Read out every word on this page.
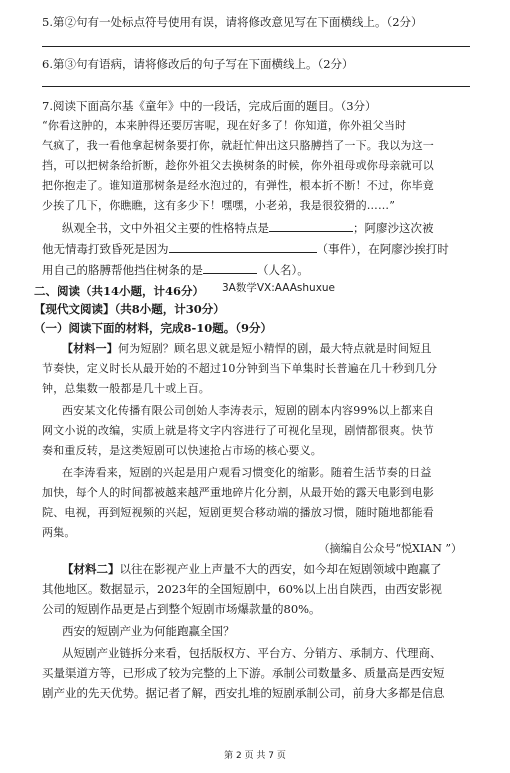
5.第②句有一处标点符号使用有误，请将修改意见写在下面横线上。（2分）
6.第③句有语病，请将修改后的句子写在下面横线上。（2分）
7.阅读下面高尔基《童年》中的一段话，完成后面的题目。（3分）
“你看这肿的，本来肿得还要厉害呢，现在好多了！你知道，你外祖父当时
气疯了，我一看他拿起树条要打你，就赶忙伸出这只胳膊挡了一下。我以为这一
挡，可以把树条给折断，趁你外祖父去换树条的时候，你外祖母或你母亲就可以
把你抱走了。谁知道那树条是经水泡过的，有弹性，根本折不断！不过，你毕竟
少挨了几下，你瞧瞧，这有多少下！嘿嘿，小老弟，我是很狡猾的……”
纵观全书，文中外祖父主要的性格特点是	；阿廖沙这次被
他无情毒打致昏死是因为	（事件），在阿廖沙挨打时
用自己的胳膊帮他挡住树条的是	（人名）。
二、阅读（共14小题，计46分）	3A数学VX:AAAshuxue
【现代文阅读】（共8小题，计30分）
（一）阅读下面的材料，完成8-10题。（9分）
【材料一】何为短剧？顾名思义就是短小精悍的剧，最大特点就是时间短且
节奏快，定义时长从最开始的不超过10分钟到当下单集时长普遍在几十秒到几分
钟，总集数一般都是几十或上百。
西安某文化传播有限公司创始人李涛表示，短剧的剧本内容99%以上都来自
网文小说的改编，实质上就是将文字内容进行了可视化呈现，剧情都很爽。快节
奏和重反转，是这类短剧可以快速抢占市场的核心要义。
在李涛看来，短剧的兴起是用户观看习惯变化的缩影。随着生活节奏的日益
加快，每个人的时间都被越来越严重地碎片化分割，从最开始的露天电影到电影
院、电视，再到短视频的兴起，短剧更契合移动端的播放习惯，随时随地都能看
两集。
（摘编自公众号“悦XIAN ”）
【材料二】以往在影视产业上声量不大的西安，如今却在短剧领域中跑赢了
其他地区。数据显示，2023年的全国短剧中，60%以上出自陕西，由西安影视
公司的短剧作品更是占到整个短剧市场爆款量的80%。
西安的短剧产业为何能跑赢全国？
从短剧产业链拆分来看，包括版权方、平台方、分销方、承制方、代理商、
买量渠道方等，已形成了较为完整的上下游。承制公司数量多、质量高是西安短
剧产业的先天优势。据记者了解，西安扎堆的短剧承制公司，前身大多都是信息
第 2 页 共 7 页
